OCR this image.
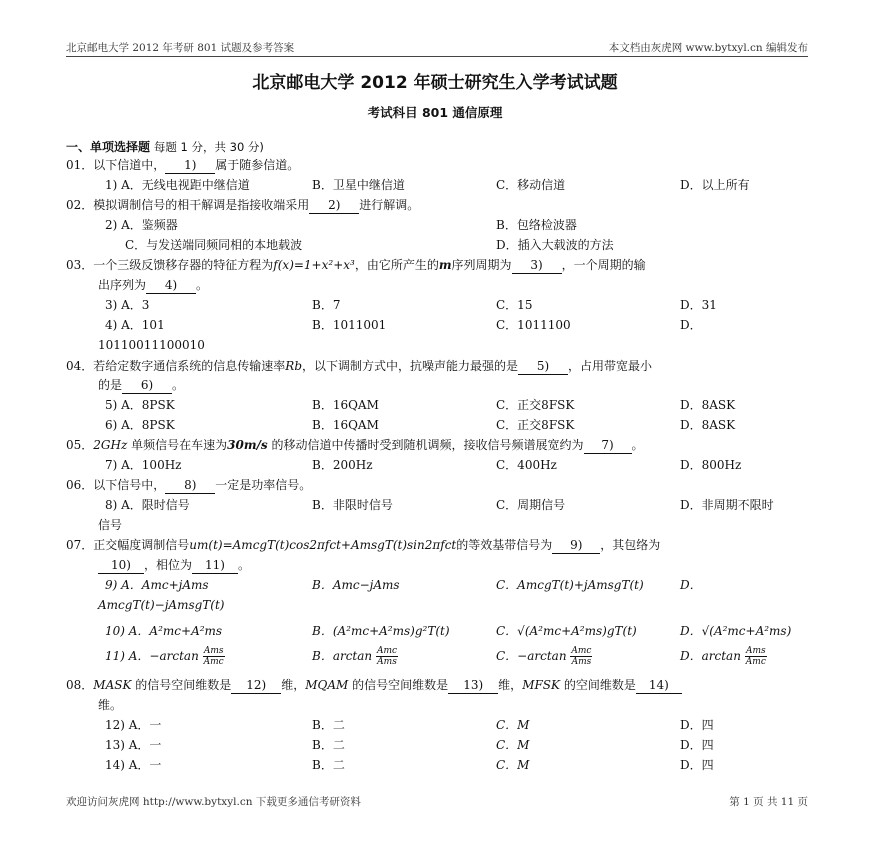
北京邮电大学 2012 年考研 801 试题及参考答案	本文档由灰虎网 www.bytxyl.cn 编辑发布
北京邮电大学 2012 年硕士研究生入学考试试题
考试科目 801 通信原理
一、单项选择题 每题 1 分，共 30 分)
01．以下信道中， 1) 属于随参信道。
1) A．无线电视距中继信道	B．卫星中继信道	C．移动信道	D．以上所有
02．模拟调制信号的相干解调是指接收端采用 2) 进行解调。
2) A．鉴频器	B．包络检波器
C．与发送端同频同相的本地载波	D．插入大载波的方法
03．一个三级反馈移存器的特征方程为f(x)=1+x²+x³，由它所产生的m序列周期为 3) ，一个周期的输
出序列为 4) 。
3) A．3	B．7	C．15	D．31
4) A．101	B．1011001	C．1011100	D．
10110011100010
04．若给定数字通信系统的信息传输速率Rb，以下调制方式中，抗噪声能力最强的是 5) ，占用带宽最小
的是 6) 。
5) A．8PSK	B．16QAM	C．正交8FSK	D．8ASK
6) A．8PSK	B．16QAM	C．正交8FSK	D．8ASK
05．2GHz 单频信号在车速为30m/s 的移动信道中传播时受到随机调频，接收信号频谱展宽约为 7) 。
7) A．100Hz	B．200Hz	C．400Hz	D．800Hz
06．以下信号中， 8) 一定是功率信号。
8) A．限时信号	B．非限时信号	C．周期信号	D．非周期不限时
信号
07．正交幅度调制信号um(t)=AmcgT(t)cos2πfct+AmsgT(t)sin2πfct的等效基带信号为 9) ，其包络为
10) ，相位为 11) 。
9) A．Amc+jAms	B．Amc−jAms	C．AmcgT(t)+jAmsgT(t)	D．
AmcgT(t)−jAmsgT(t)
10) A．A²mc+A²ms	B．(A²mc+A²ms)g²T(t)	C．√(A²mc+A²ms)gT(t)	D．√(A²mc+A²ms)
11) A．$-\arctan \frac{\text{Ams}}{\text{Amc}}$	B．$\arctan \frac{\text{Amc}}{\text{Ams}}$	C．$-\arctan \frac{\text{Amc}}{\text{Ams}}$	D．$\arctan \frac{\text{Ams}}{\text{Amc}}$
08．MASK 的信号空间维数是 12) 维，MQAM 的信号空间维数是 13) 维，MFSK 的空间维数是 14)
维。
12) A．一	B．二	C．M	D．四
13) A．一	B．二	C．M	D．四
14) A．一	B．二	C．M	D．四
欢迎访问灰虎网 http://www.bytxyl.cn 下载更多通信考研资料	第 1 页 共 11 页
